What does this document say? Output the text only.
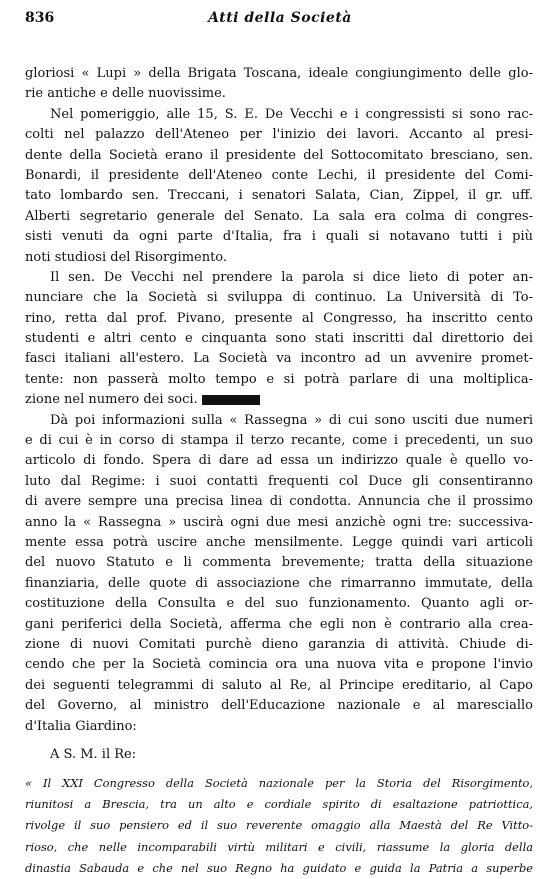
836	Atti della Società
gloriosi « Lupi » della Brigata Toscana, ideale congiungimento delle glo-
rie antiche e delle nuovissime.
Nel pomeriggio, alle 15, S. E. De Vecchi e i congressisti si sono rac-
colti nel palazzo dell'Ateneo per l'inizio dei lavori. Accanto al presi-
dente della Società erano il presidente del Sottocomitato bresciano, sen.
Bonardi, il presidente dell'Ateneo conte Lechi, il presidente del Comi-
tato lombardo sen. Treccani, i senatori Salata, Cian, Zippel, il gr. uff.
Alberti segretario generale del Senato. La sala era colma di congres-
sisti venuti da ogni parte d'Italia, fra i quali si notavano tutti i più
noti studiosi del Risorgimento.
Il sen. De Vecchi nel prendere la parola si dice lieto di poter an-
nunciare che la Società si sviluppa di continuo. La Università di To-
rino, retta dal prof. Pivano, presente al Congresso, ha inscritto cento
studenti e altri cento e cinquanta sono stati inscritti dal direttorio dei
fasci italiani all'estero. La Società va incontro ad un avvenire promet-
tente: non passerà molto tempo e si potrà parlare di una moltiplica-
zione nel numero dei soci.
Dà poi informazioni sulla « Rassegna » di cui sono usciti due numeri
e di cui è in corso di stampa il terzo recante, come i precedenti, un suo
articolo di fondo. Spera di dare ad essa un indirizzo quale è quello vo-
luto dal Regime: i suoi contatti frequenti col Duce gli consentiranno
di avere sempre una precisa linea di condotta. Annuncia che il prossimo
anno la « Rassegna » uscirà ogni due mesi anzichè ogni tre: successiva-
mente essa potrà uscire anche mensilmente. Legge quindi vari articoli
del nuovo Statuto e li commenta brevemente; tratta della situazione
finanziaria, delle quote di associazione che rimarranno immutate, della
costituzione della Consulta e del suo funzionamento. Quanto agli or-
gani periferici della Società, afferma che egli non è contrario alla crea-
zione di nuovi Comitati purchè dieno garanzia di attività. Chiude di-
cendo che per la Società comincia ora una nuova vita e propone l'invio
dei seguenti telegrammi di saluto al Re, al Principe ereditario, al Capo
del Governo, al ministro dell'Educazione nazionale e al maresciallo
d'Italia Giardino:
A S. M. il Re:
« Il XXI Congresso della Società nazionale per la Storia del Risorgimento,
riunitosi a Brescia, tra un alto e cordiale spirito di esaltazione patriottica,
rivolge il suo pensiero ed il suo reverente omaggio alla Maestà del Re Vitto-
rioso, che nelle incomparabili virtù militari e civili, riassume la gloria della
dinastia Sabauda e che nel suo Regno ha guidato e guida la Patria a superbe
